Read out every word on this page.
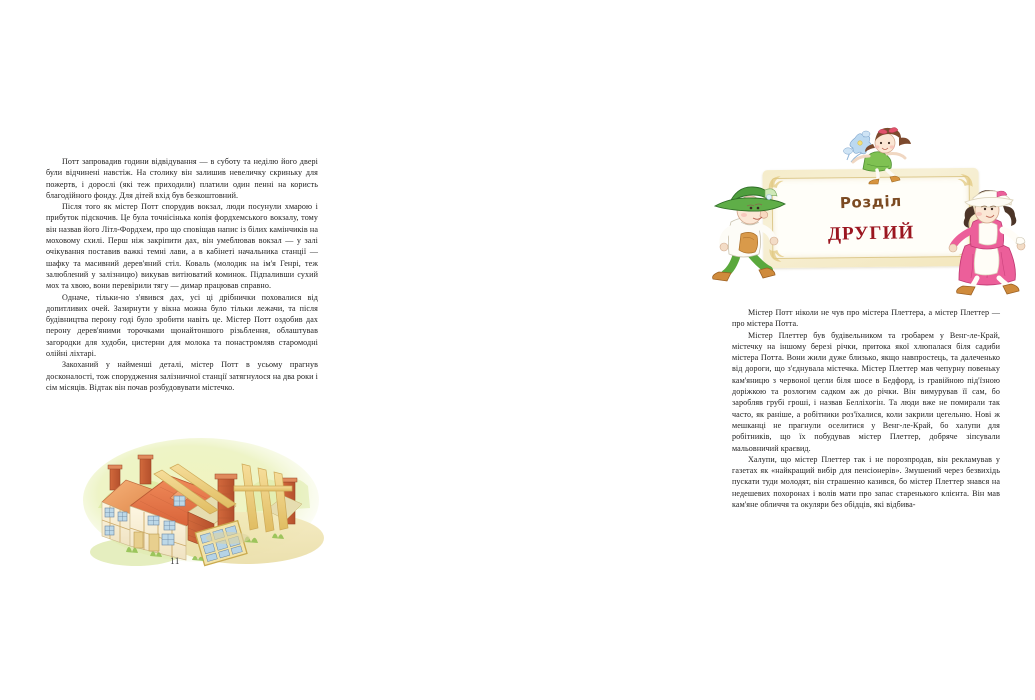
Потт запровадив години відвідування — в суботу та неділю його двері були відчинені навстіж. На столику він залишив невеличку скриньку для пожертв, і дорослі (які теж приходили) платили один пенні на користь благодійного фонду. Для дітей вхід був безкоштовний.

Після того як містер Потт спорудив вокзал, люди посунули хмарою і прибуток підскочив. Це була точнісінька копія фордхемського вокзалу, тому він назвав його Літл-Фордхем, про що сповіщав напис із білих камінчиків на моховому схилі. Перш ніж закріпити дах, він умеблював вокзал — у залі очікування поставив важкі темні лави, а в кабінеті начальника станції — шафку та масивний дерев'яний стіл. Коваль (молодик на ім'я Генрі, теж залюблений у залізницю) викував витіюватий коминок. Підпаливши сухий мох та хвою, вони перевірили тягу — димар працював справно.

Одначе, тільки-но з'явився дах, усі ці дрібнички поховалися від допитливих очей. Зазирнути у вікна можна було тільки лежачи, та після будівництва перону годі було зробити навіть це. Містер Потт оздобив дах перону дерев'яними торочками щонайтоншого різьблення, облаштував загородки для худоби, цистерни для молока та понастромляв старомодні олійні ліхтарі.

Закоханий у найменші деталі, містер Потт в усьому прагнув досконалості, тож спорудження залізничної станції затягнулося на два роки і сім місяців. Відтак він почав розбудовувати містечко.

11
Розділ
ДРУГИЙ

Містер Потт ніколи не чув про містера Плеттера, а містер Плеттер — про містера Потта.

Містер Плеттер був будівельником та гробарем у Венг-ле-Край, містечку на іншому березі річки, притока якої хлюпалася біля садиби містера Потта. Вони жили дуже близько, якщо навпростець, та далеченько від дороги, що з'єднувала містечка. Містер Плеттер мав чепурну повеньку кам'яницю з червоної цегли біля шосе в Бедфорд, із гравійною під'їзною доріжкою та розлогим садком аж до річки. Він вимурував її сам, бо заробляв грубі гроші, і назвав Белліхогін. Та люди вже не помирали так часто, як раніше, а робітники роз'їхалися, коли закрили цегельню. Нові ж мешканці не прагнули оселитися у Венг-ле-Край, бо халупи для робітників, що їх побудував містер Плеттер, добряче зіпсували мальовничий краєвид.

Халупи, що містер Плеттер так і не порозпродав, він рекламував у газетах як «найкращий вибір для пенсіонерів». Змушений через безвихідь пускати туди молодят, він страшенно казився, бо містер Плеттер знався на недешевих похоронах і волів мати про запас старенького клієнта. Він мав кам'яне обличчя та окуляри без обідців, які відбива-
